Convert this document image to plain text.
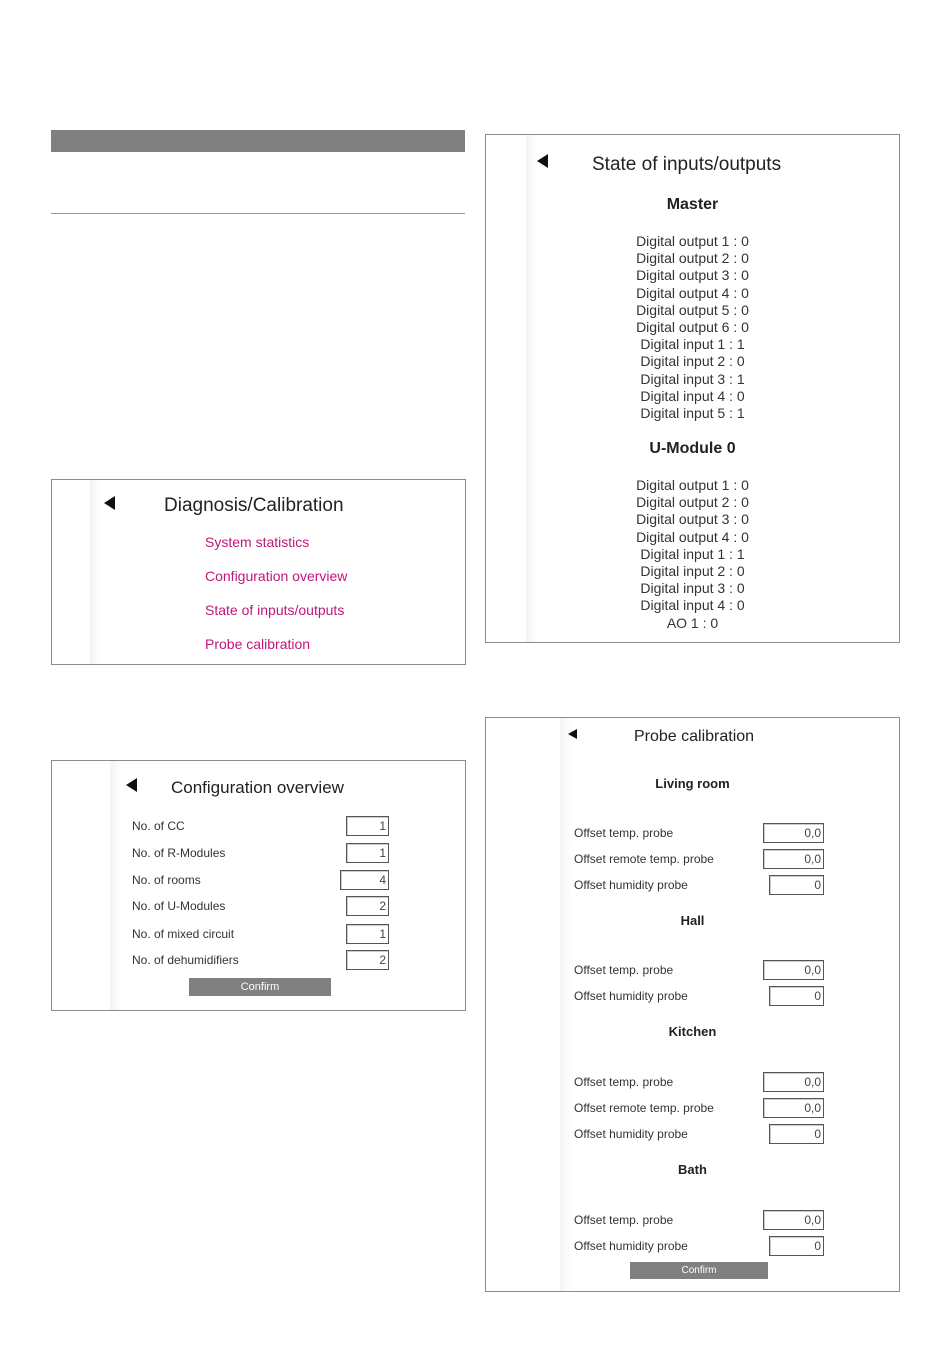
Diagnosis/Calibration
System statistics
Configuration overview
State of inputs/outputs
Probe calibration
Configuration overview
No. of CC	1
No. of R-Modules	1
No. of rooms	4
No. of U-Modules	2
No. of mixed circuit	1
No. of dehumidifiers	2
Confirm
State of inputs/outputs
Master
Digital output 1 : 0
Digital output 2 : 0
Digital output 3 : 0
Digital output 4 : 0
Digital output 5 : 0
Digital output 6 : 0
Digital input 1 : 1
Digital input 2 : 0
Digital input 3 : 1
Digital input 4 : 0
Digital input 5 : 1
U-Module 0
Digital output 1 : 0
Digital output 2 : 0
Digital output 3 : 0
Digital output 4 : 0
Digital input 1 : 1
Digital input 2 : 0
Digital input 3 : 0
Digital input 4 : 0
AO 1 : 0
Probe calibration
Living room
Offset temp. probe	0,0
Offset remote temp. probe	0,0
Offset humidity probe	0
Hall
Offset temp. probe	0,0
Offset humidity probe	0
Kitchen
Offset temp. probe	0,0
Offset remote temp. probe	0,0
Offset humidity probe	0
Bath
Offset temp. probe	0,0
Offset humidity probe	0
Confirm
